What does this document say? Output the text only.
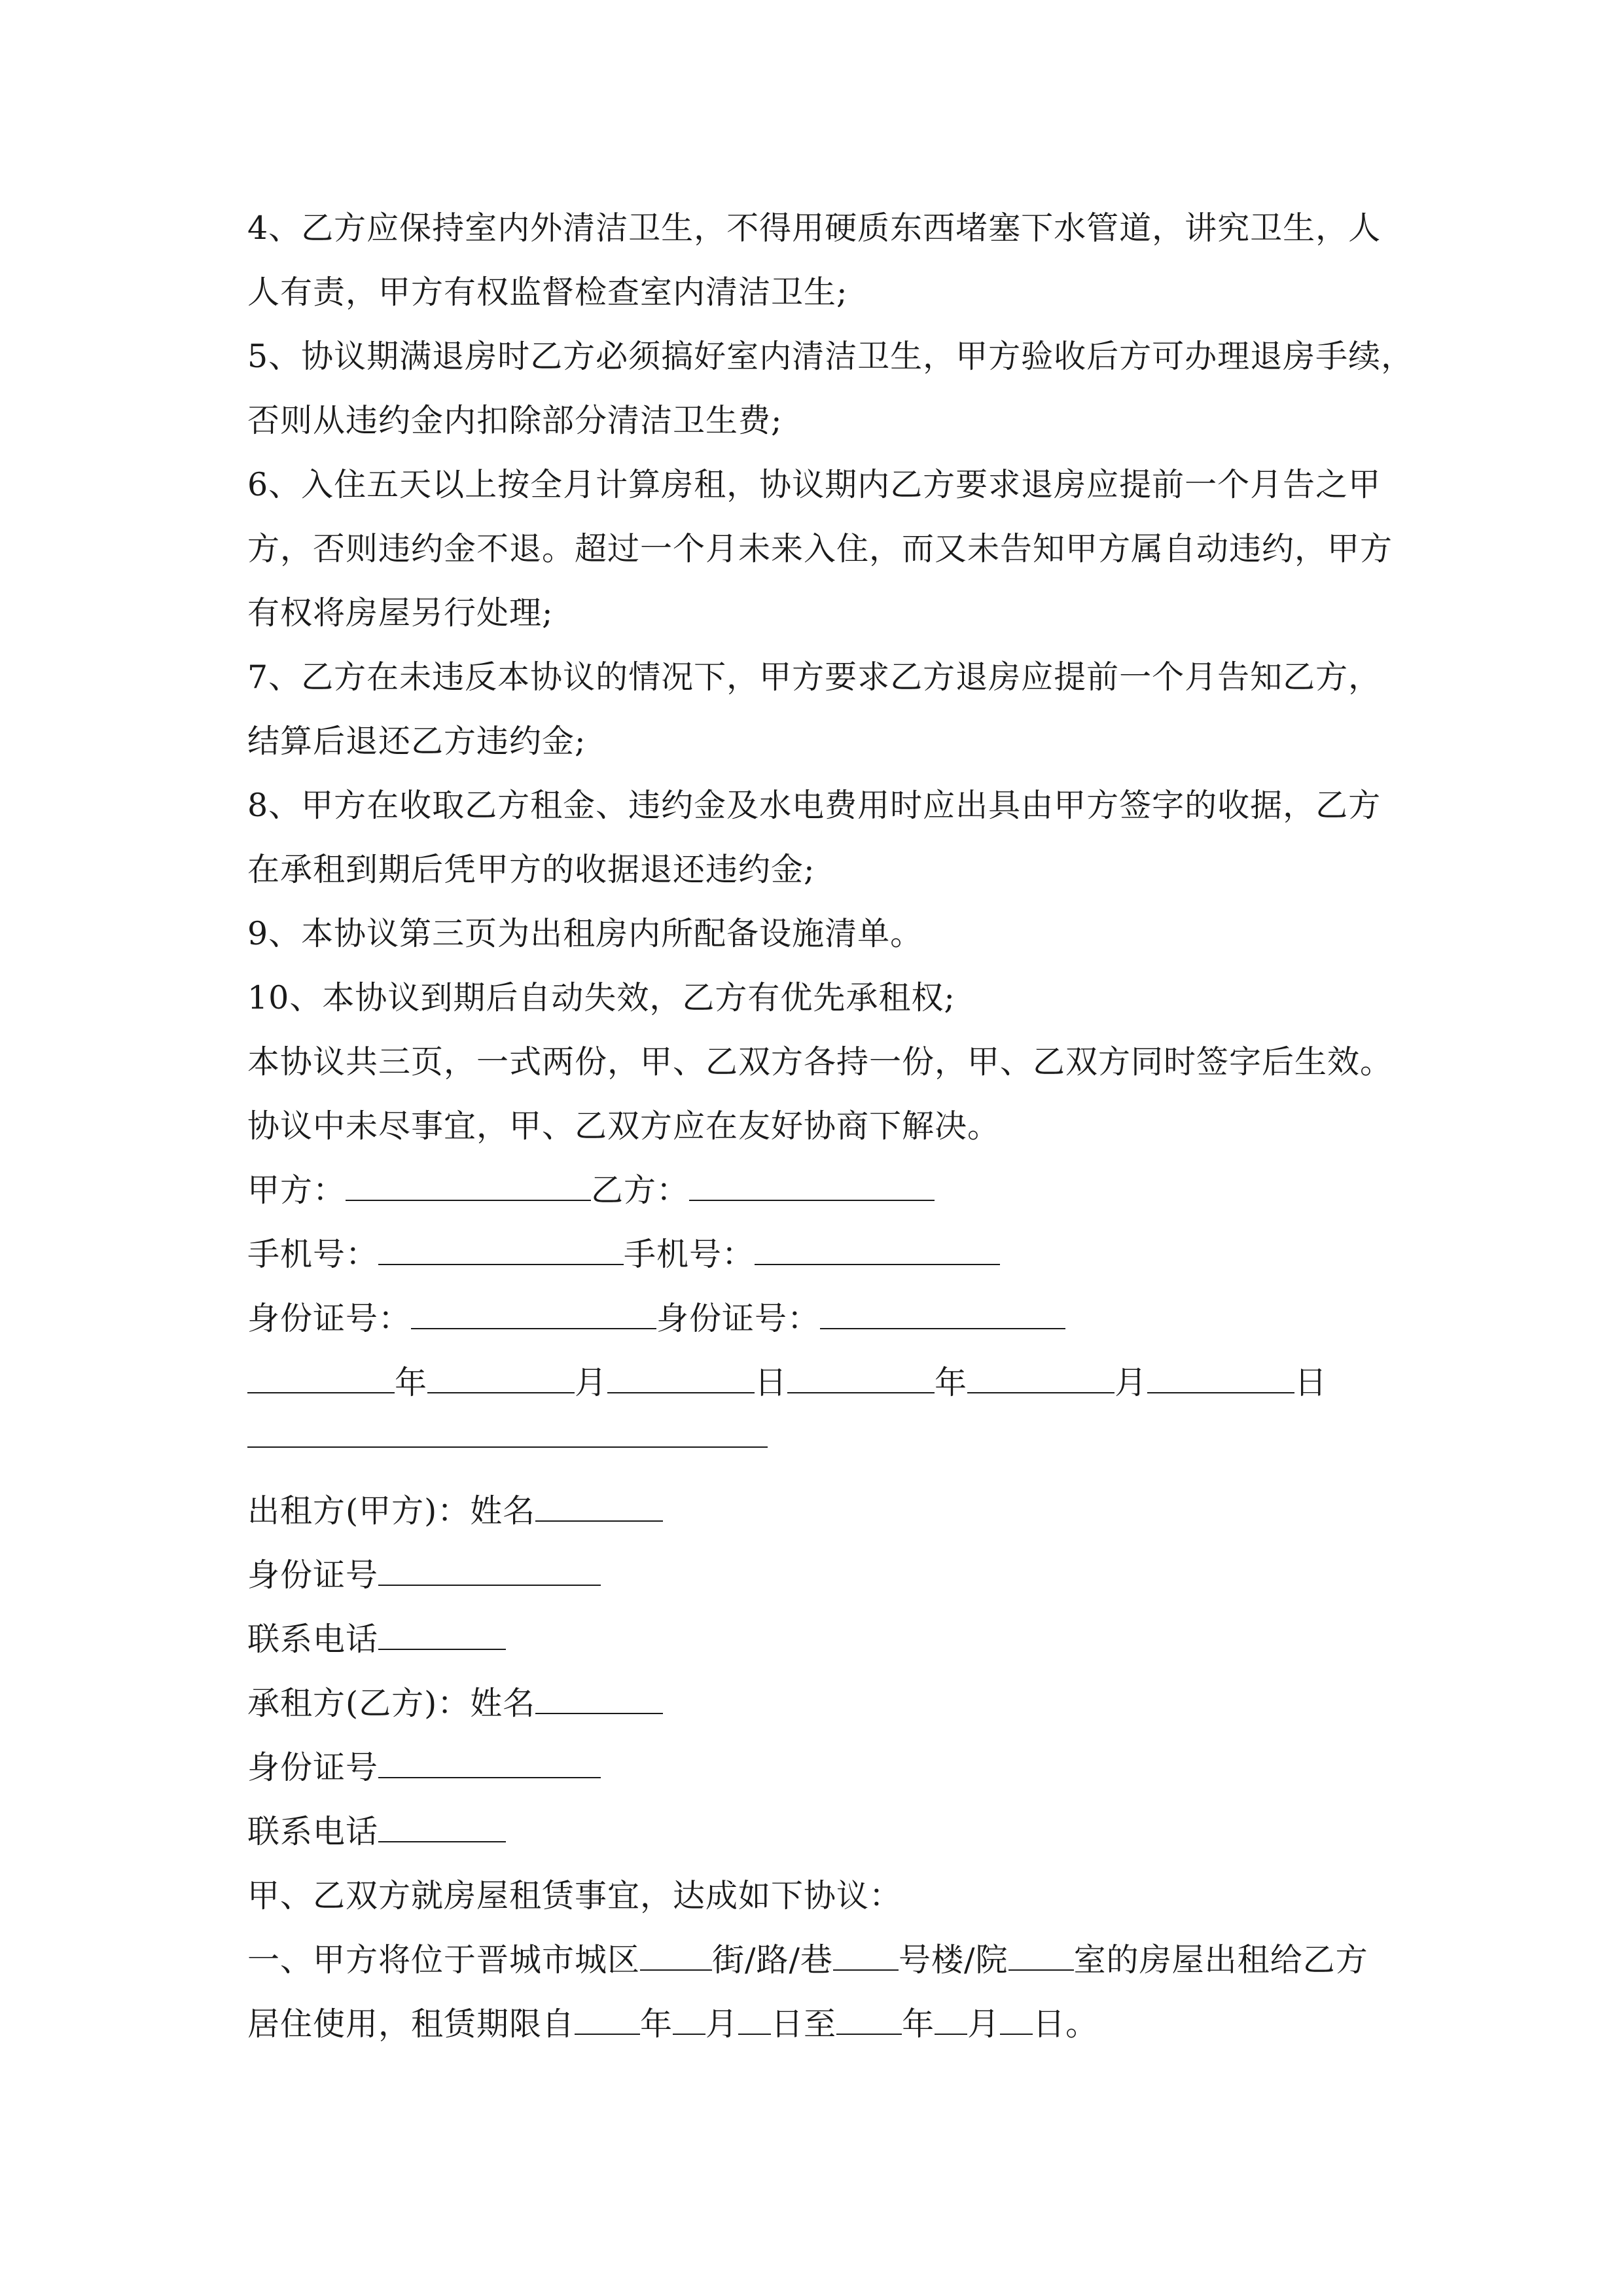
4、乙方应保持室内外清洁卫生，不得用硬质东西堵塞下水管道，讲究卫生，人
人有责，甲方有权监督检查室内清洁卫生;
5、协议期满退房时乙方必须搞好室内清洁卫生，甲方验收后方可办理退房手续，
否则从违约金内扣除部分清洁卫生费;
6、入住五天以上按全月计算房租，协议期内乙方要求退房应提前一个月告之甲
方，否则违约金不退。超过一个月未来入住，而又未告知甲方属自动违约，甲方
有权将房屋另行处理;
7、乙方在未违反本协议的情况下，甲方要求乙方退房应提前一个月告知乙方，
结算后退还乙方违约金;
8、甲方在收取乙方租金、违约金及水电费用时应出具由甲方签字的收据，乙方
在承租到期后凭甲方的收据退还违约金;
9、本协议第三页为出租房内所配备设施清单。
10、本协议到期后自动失效，乙方有优先承租权;
本协议共三页，一式两份，甲、乙双方各持一份，甲、乙双方同时签字后生效。
协议中未尽事宜，甲、乙双方应在友好协商下解决。
甲方：	乙方：
手机号：	手机号：
身份证号：	身份证号：
年	月	日	年	月	日
出租方(甲方)：姓名
身份证号
联系电话
承租方(乙方)：姓名
身份证号
联系电话
甲、乙双方就房屋租赁事宜，达成如下协议：
一、甲方将位于晋城市城区 街/路/巷 号楼/院 室的房屋出租给乙方
居住使用，租赁期限自 年 月 日至 年 月 日。
